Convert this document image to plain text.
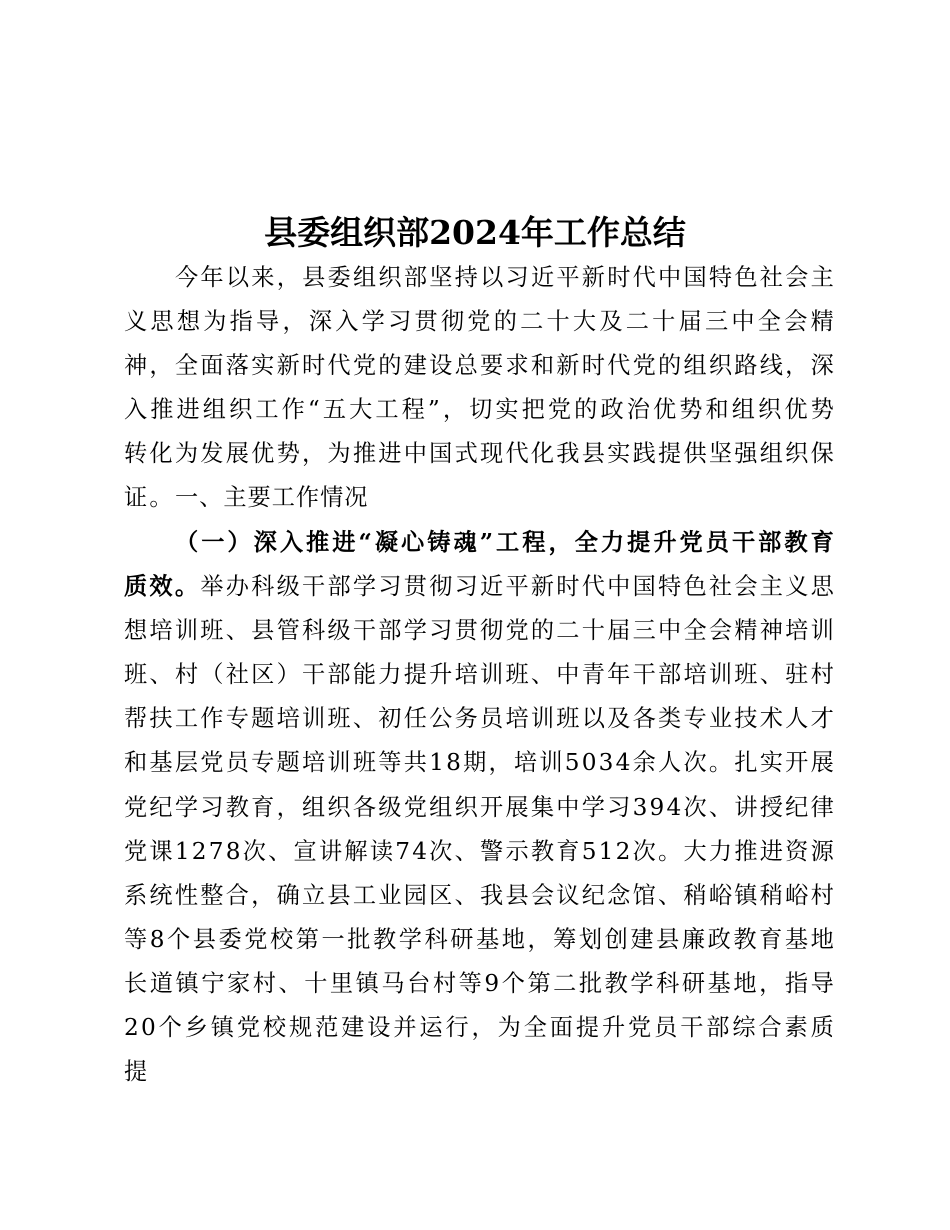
县委组织部2024年工作总结

今年以来，县委组织部坚持以习近平新时代中国特色社会主义思想为指导，深入学习贯彻党的二十大及二十届三中全会精神，全面落实新时代党的建设总要求和新时代党的组织路线，深入推进组织工作“五大工程”，切实把党的政治优势和组织优势转化为发展优势，为推进中国式现代化我县实践提供坚强组织保证。 一、主要工作情况

（一）深入推进“凝心铸魂”工程，全力提升党员干部教育质效。举办科级干部学习贯彻习近平新时代中国特色社会主义思想培训班、县管科级干部学习贯彻党的二十届三中全会精神培训班、村（社区）干部能力提升培训班、中青年干部培训班、驻村帮扶工作专题培训班、初任公务员培训班以及各类专业技术人才和基层党员专题培训班等共18期，培训5034余人次。扎实开展党纪学习教育，组织各级党组织开展集中学习394次、讲授纪律党课1278次、宣讲解读74次、警示教育512次。大力推进资源系统性整合，确立县工业园区、我县会议纪念馆、稍峪镇稍峪村等8个县委党校第一批教学科研基地，筹划创建县廉政教育基地长道镇宁家村、十里镇马台村等9个第二批教学科研基地，指导20个乡镇党校规范建设并运行，为全面提升党员干部综合素质提
